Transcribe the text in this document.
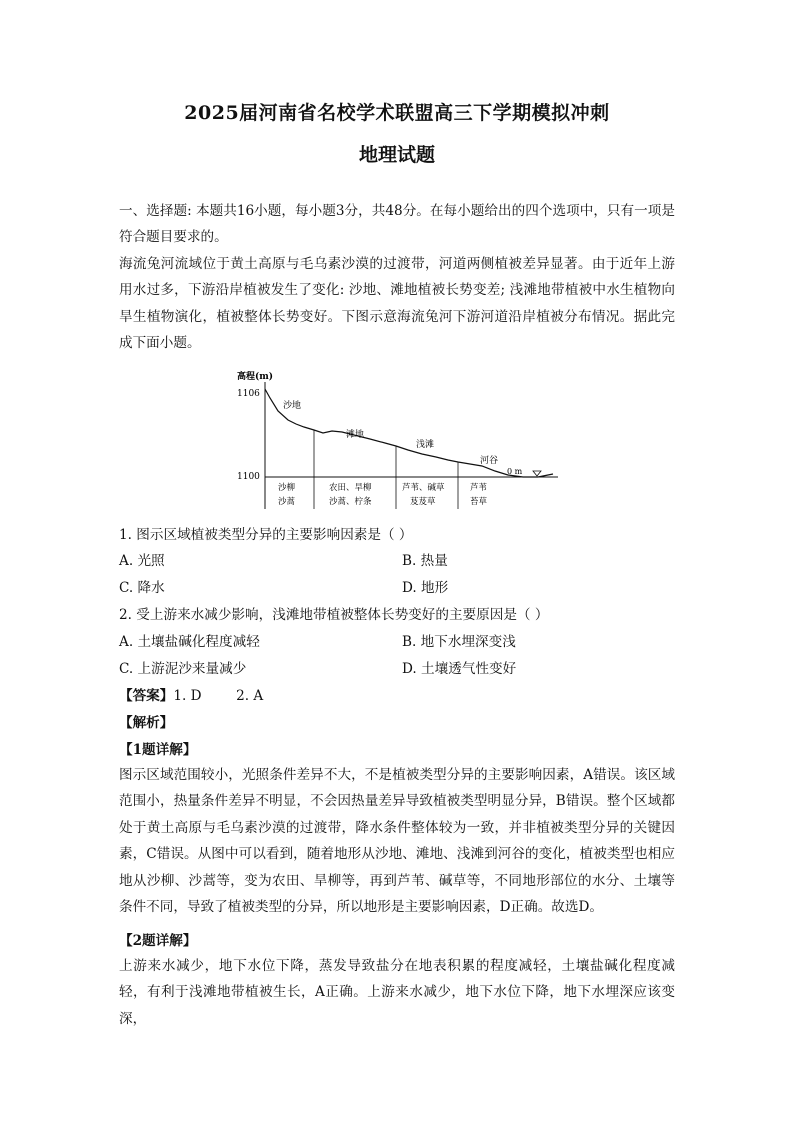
2025届河南省名校学术联盟高三下学期模拟冲刺
地理试题
一、选择题: 本题共16小题，每小题3分，共48分。在每小题给出的四个选项中，只有一项是符合题目要求的。
海流兔河流域位于黄土高原与毛乌素沙漠的过渡带，河道两侧植被差异显著。由于近年上游用水过多，下游沿岸植被发生了变化: 沙地、滩地植被长势变差; 浅滩地带植被中水生植物向旱生植物演化，植被整体长势变好。下图示意海流兔河下游河道沿岸植被分布情况。据此完成下面小题。
高程(m)
1106
1100
沙地
滩地
浅滩
河谷
0 m
沙柳
沙蒿
农田、旱柳
沙蒿、柠条
芦苇、碱草
芨芨草
芦苇
苔草
1. 图示区域植被类型分异的主要影响因素是（ ）
A. 光照	B. 热量
C. 降水	D. 地形
2. 受上游来水减少影响，浅滩地带植被整体长势变好的主要原因是（ ）
A. 土壤盐碱化程度减轻	B. 地下水埋深变浅
C. 上游泥沙来量减少	D. 土壤透气性变好
【答案】1. D        2. A
【解析】
【1题详解】
图示区域范围较小，光照条件差异不大，不是植被类型分异的主要影响因素，A错误。该区域范围小，热量条件差异不明显，不会因热量差异导致植被类型明显分异，B错误。整个区域都处于黄土高原与毛乌素沙漠的过渡带，降水条件整体较为一致，并非植被类型分异的关键因素，C错误。从图中可以看到，随着地形从沙地、滩地、浅滩到河谷的变化，植被类型也相应地从沙柳、沙蒿等，变为农田、旱柳等，再到芦苇、碱草等，不同地形部位的水分、土壤等条件不同，导致了植被类型的分异，所以地形是主要影响因素，D正确。故选D。
【2题详解】
上游来水减少，地下水位下降，蒸发导致盐分在地表积累的程度减轻，土壤盐碱化程度减轻，有利于浅滩地带植被生长，A正确。上游来水减少，地下水位下降，地下水埋深应该变深，
